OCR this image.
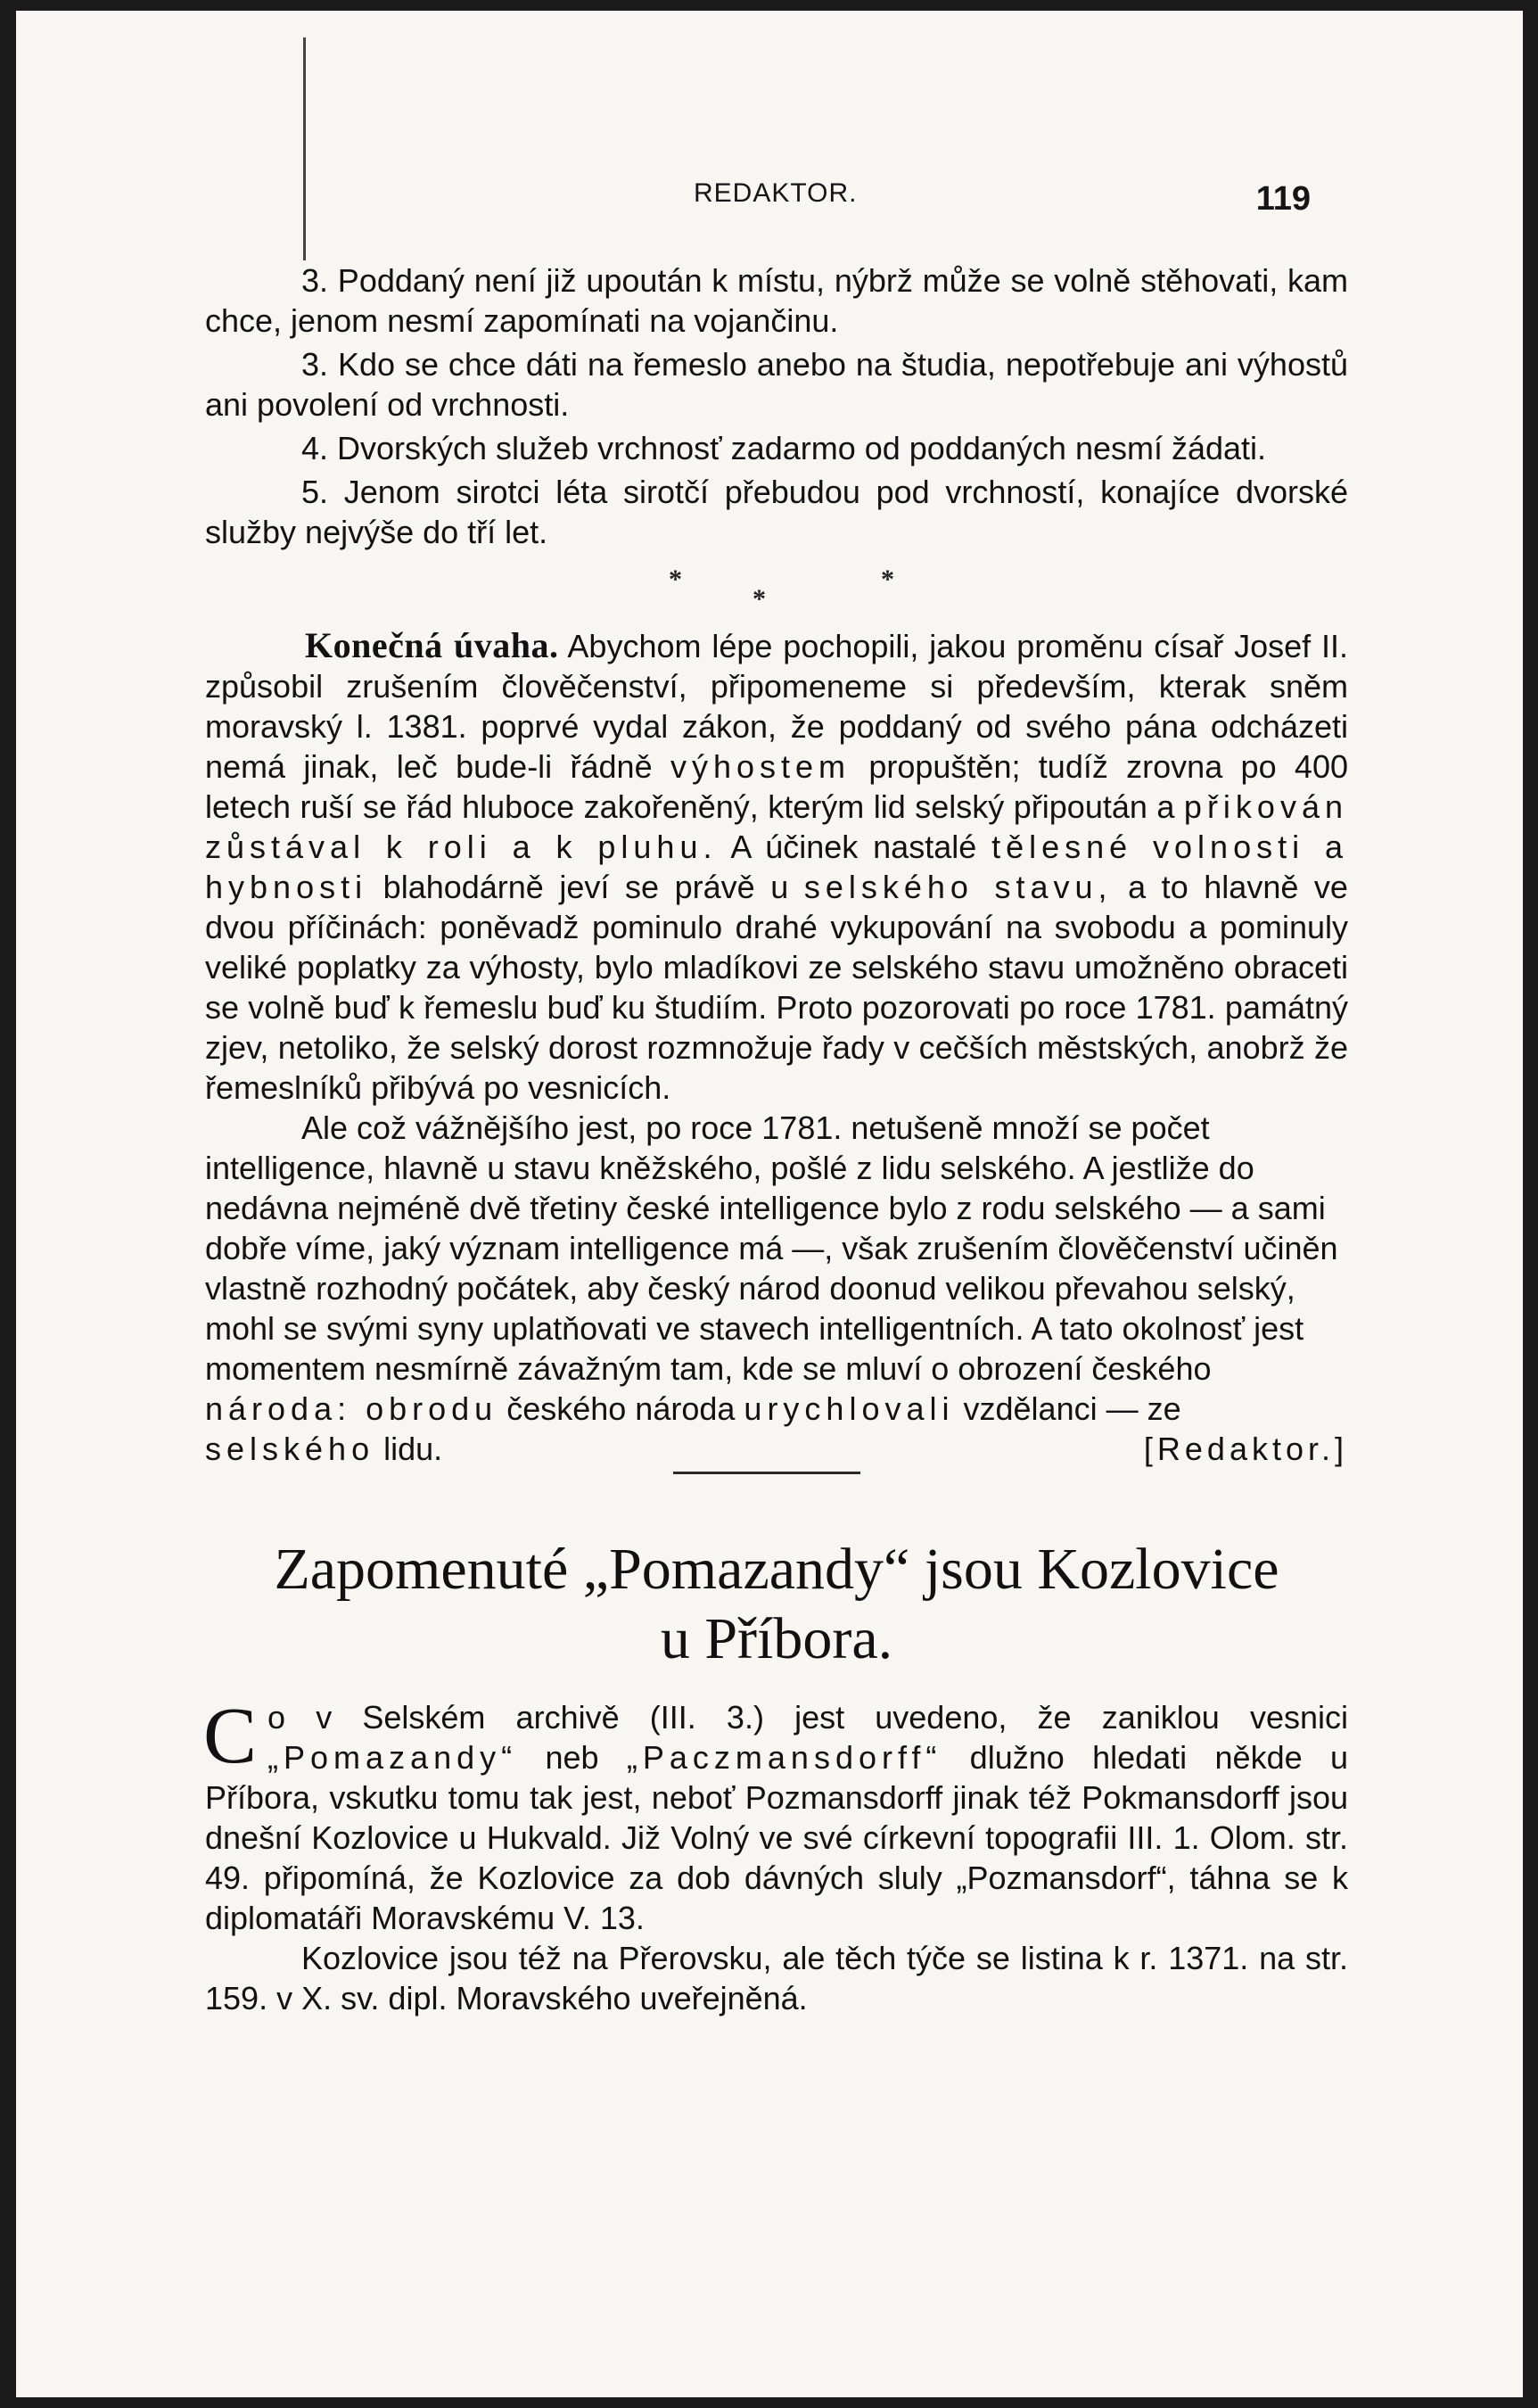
REDAKTOR.	119

3. Poddaný není již upoután k místu, nýbrž může se volně stěhovati, kam chce, jenom nesmí zapomínati na vojančinu.

3. Kdo se chce dáti na řemeslo anebo na študia, nepotřebuje ani výhostů ani povolení od vrchnosti.

4. Dvorských služeb vrchnosť zadarmo od poddaných nesmí žádati.

5. Jenom sirotci léta sirotčí přebudou pod vrchností, konajíce dvorské služby nejvýše do tří let.

*
*
*

Konečná úvaha. Abychom lépe pochopili, jakou proměnu císař Josef II. způsobil zrušením člověčenství, připomeneme si především, kterak sněm moravský l. 1381. poprvé vydal zákon, že poddaný od svého pána odcházeti nemá jinak, leč bude-li řádně výhostem propuštěn; tudíž zrovna po 400 letech ruší se řád hluboce zakořeněný, kterým lid selský připoután a přikován zůstával k roli a k pluhu. A účinek nastalé tělesné volnosti a hybnosti blahodárně jeví se právě u selského stavu, a to hlavně ve dvou příčinách: poněvadž pominulo drahé vykupování na svobodu a pominuly veliké poplatky za výhosty, bylo mladíkovi ze selského stavu umožněno obraceti se volně buď k řemeslu buď ku študiím. Proto pozorovati po roce 1781. památný zjev, netoliko, že selský dorost rozmnožuje řady v cečších městských, anobrž že řemeslníků přibývá po vesnicích.

Ale což vážnějšího jest, po roce 1781. netušeně množí se počet intelligence, hlavně u stavu kněžského, pošlé z lidu selského. A jestliže do nedávna nejméně dvě třetiny české intelligence bylo z rodu selského — a sami dobře víme, jaký význam intelligence má —, však zrušením člověčenství učiněn vlastně rozhodný počátek, aby český národ doonud velikou převahou selský, mohl se svými syny uplatňovati ve stavech intelligentních. A tato okolnosť jest momentem nesmírně závažným tam, kde se mluví o obrození českého národa: obrodu českého národa urychlovali vzdělanci — ze selského lidu.	[Redaktor.]

Zapomenuté „Pomazandy“ jsou Kozlovice
u Příbora.

Co v Selském archivě (III. 3.) jest uvedeno, že zaniklou vesnici „Pomazandy“ neb „Paczmansdorff“ dlužno hledati někde u Příbora, vskutku tomu tak jest, neboť Pozmansdorff jinak též Pokmansdorff jsou dnešní Kozlovice u Hukvald. Již Volný ve své církevní topografii III. 1. Olom. str. 49. připomíná, že Kozlovice za dob dávných sluly „Pozmansdorf“, táhna se k diplomatáři Moravskému V. 13.

Kozlovice jsou též na Přerovsku, ale těch týče se listina k r. 1371. na str. 159. v X. sv. dipl. Moravského uveřejněná.
